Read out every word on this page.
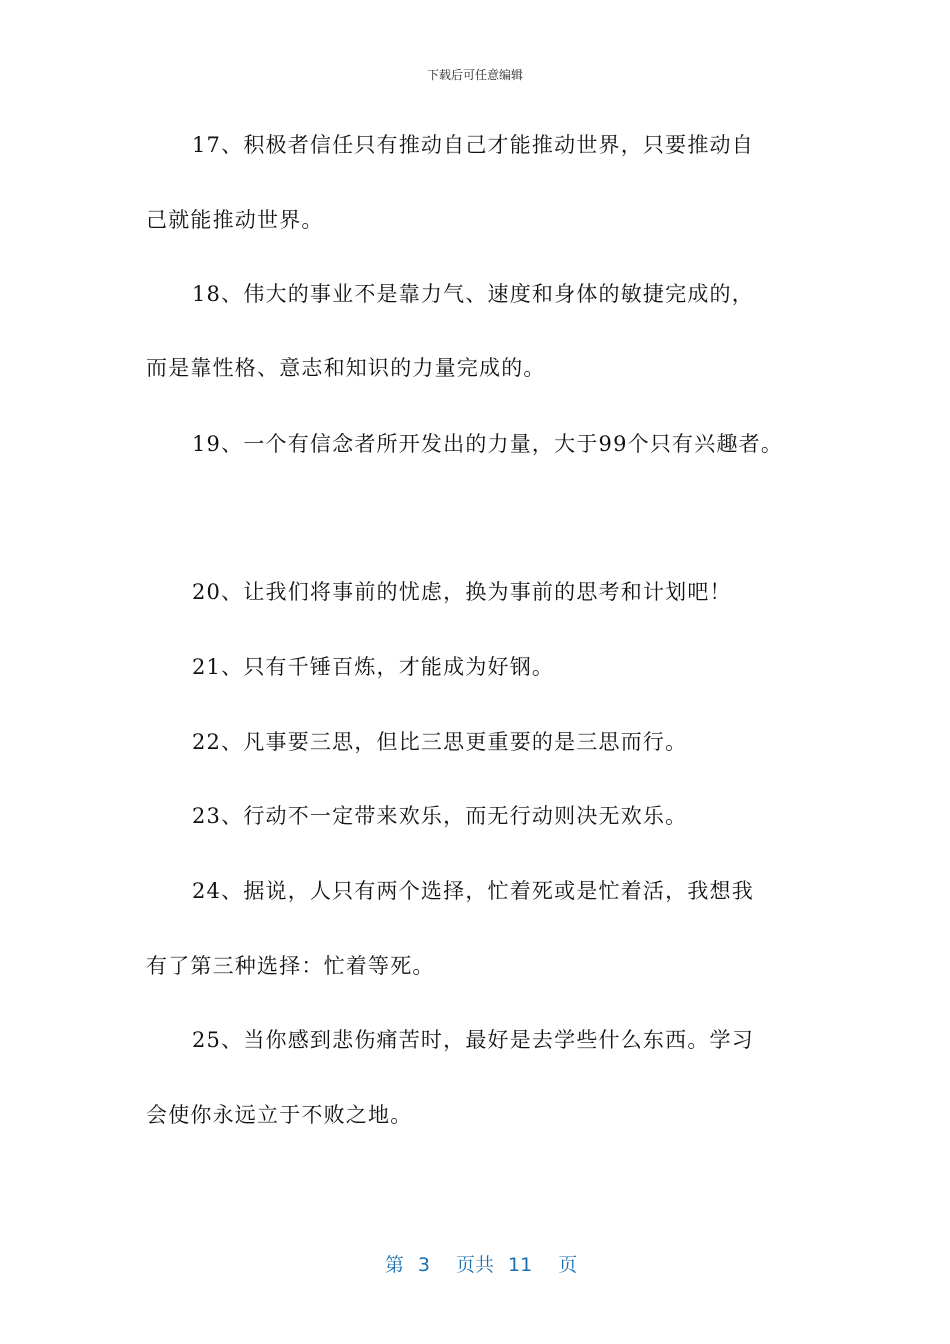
下载后可任意编辑
17、积极者信任只有推动自己才能推动世界，只要推动自
己就能推动世界。
18、伟大的事业不是靠力气、速度和身体的敏捷完成的，
而是靠性格、意志和知识的力量完成的。
19、一个有信念者所开发出的力量，大于99个只有兴趣者。
20、让我们将事前的忧虑，换为事前的思考和计划吧！
21、只有千锤百炼，才能成为好钢。
22、凡事要三思，但比三思更重要的是三思而行。
23、行动不一定带来欢乐，而无行动则决无欢乐。
24、据说，人只有两个选择，忙着死或是忙着活，我想我
有了第三种选择：忙着等死。
25、当你感到悲伤痛苦时，最好是去学些什么东西。学习
会使你永远立于不败之地。

第 3 页共 11 页
